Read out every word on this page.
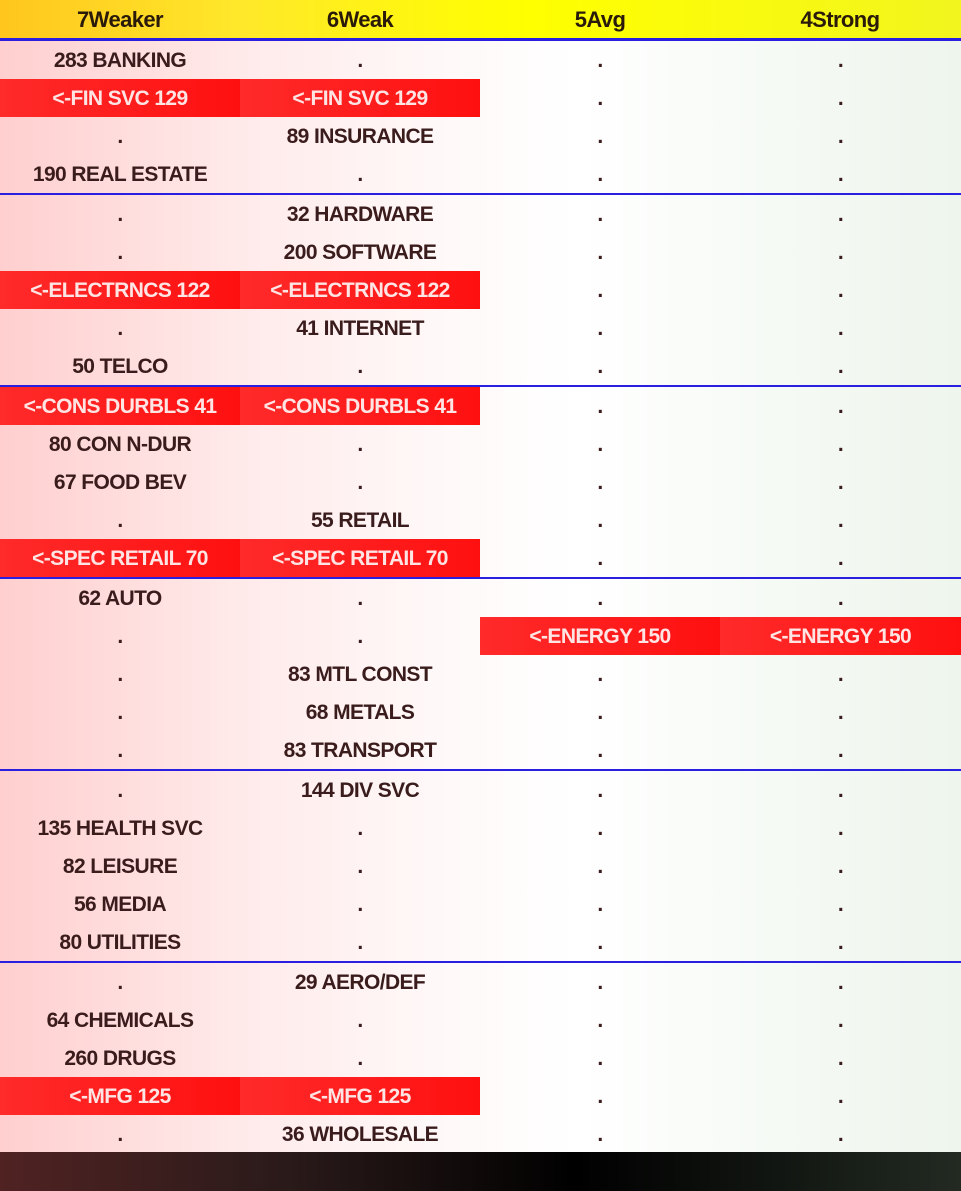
7Weaker	6Weak	5Avg	4Strong
283 BANKING	.	.	.
<-FIN SVC 129	<-FIN SVC 129	.	.
.	89 INSURANCE	.	.
190 REAL ESTATE	.	.	.
.	32 HARDWARE	.	.
.	200 SOFTWARE	.	.
<-ELECTRNCS 122	<-ELECTRNCS 122	.	.
.	41 INTERNET	.	.
50 TELCO	.	.	.
<-CONS DURBLS 41	<-CONS DURBLS 41	.	.
80 CON N-DUR	.	.	.
67 FOOD BEV	.	.	.
.	55 RETAIL	.	.
<-SPEC RETAIL 70	<-SPEC RETAIL 70	.	.
62 AUTO	.	.	.
.	.	<-ENERGY 150	<-ENERGY 150
.	83 MTL CONST	.	.
.	68 METALS	.	.
.	83 TRANSPORT	.	.
.	144 DIV SVC	.	.
135 HEALTH SVC	.	.	.
82 LEISURE	.	.	.
56 MEDIA	.	.	.
80 UTILITIES	.	.	.
.	29 AERO/DEF	.	.
64 CHEMICALS	.	.	.
260 DRUGS	.	.	.
<-MFG 125	<-MFG 125	.	.
.	36 WHOLESALE	.	.
